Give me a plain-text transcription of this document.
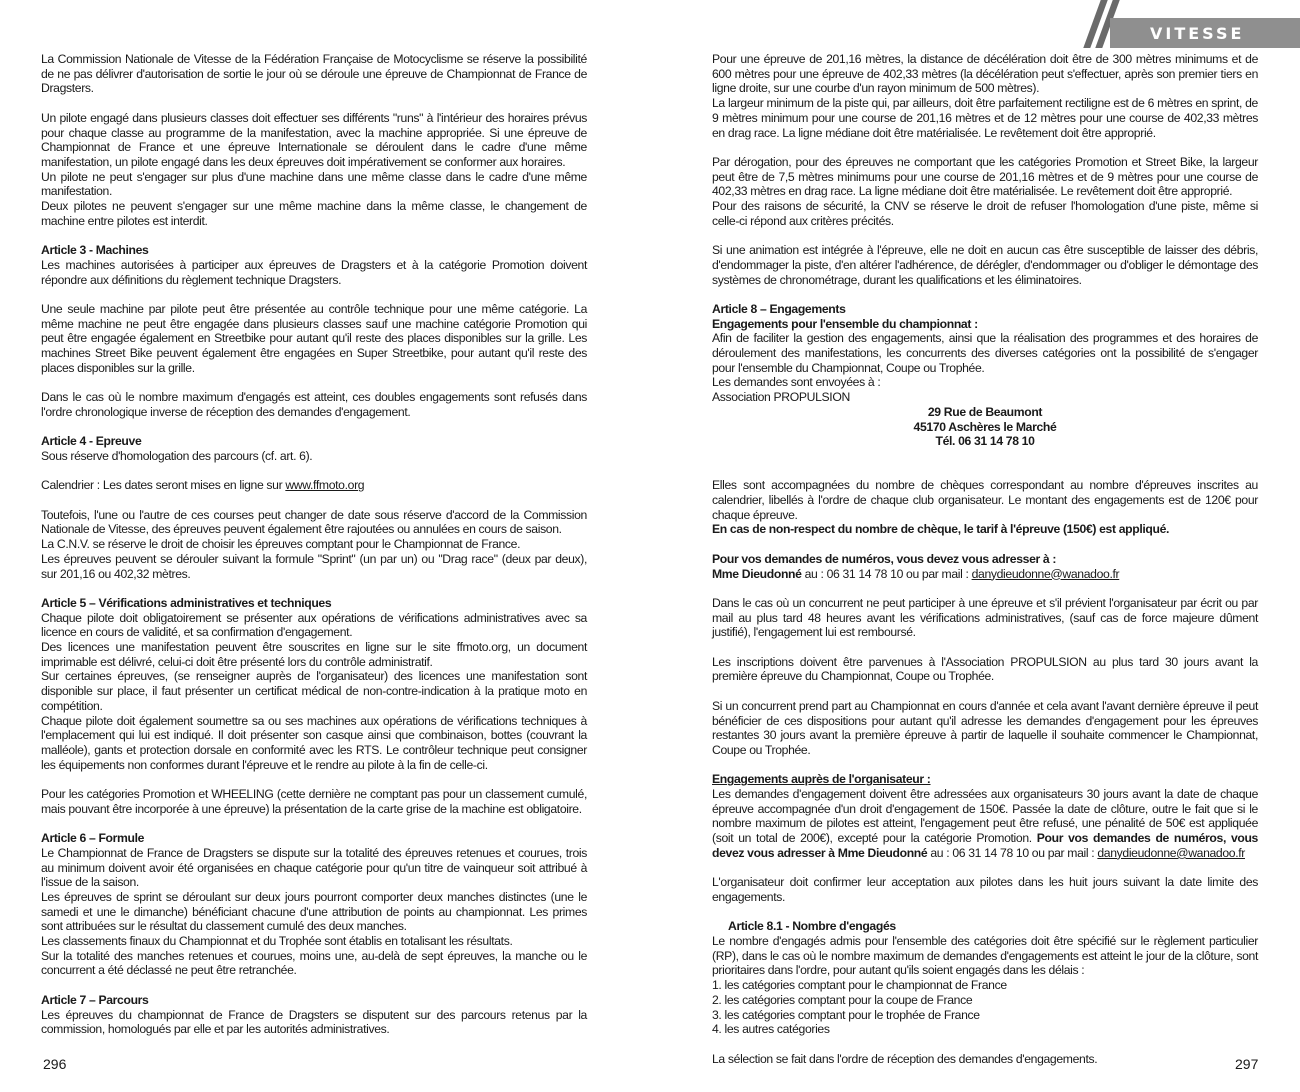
VITESSE

La Commission Nationale de Vitesse de la Fédération Française de Motocyclisme se réserve la possibilité de ne pas délivrer d'autorisation de sortie le jour où se déroule une épreuve de Championnat de France de Dragsters.

Un pilote engagé dans plusieurs classes doit effectuer ses différents "runs" à l'intérieur des horaires prévus pour chaque classe au programme de la manifestation, avec la machine appropriée. Si une épreuve de Championnat de France et une épreuve Internationale se déroulent dans le cadre d'une même manifestation, un pilote engagé dans les deux épreuves doit impérativement se conformer aux horaires.

Un pilote ne peut s'engager sur plus d'une machine dans une même classe dans le cadre d'une même manifestation.

Deux pilotes ne peuvent s'engager sur une même machine dans la même classe, le changement de machine entre pilotes est interdit.

Article 3 - Machines

Les machines autorisées à participer aux épreuves de Dragsters et à la catégorie Promotion doivent répondre aux définitions du règlement technique Dragsters.

Une seule machine par pilote peut être présentée au contrôle technique pour une même catégorie. La même machine ne peut être engagée dans plusieurs classes sauf une machine catégorie Promotion qui peut être engagée également en Streetbike pour autant qu'il reste des places disponibles sur la grille. Les machines Street Bike peuvent également être engagées en Super Streetbike, pour autant qu'il reste des places disponibles sur la grille.

Dans le cas où le nombre maximum d'engagés est atteint, ces doubles engagements sont refusés dans l'ordre chronologique inverse de réception des demandes d'engagement.

Article 4 - Epreuve

Sous réserve d'homologation des parcours (cf. art. 6).

Calendrier : Les dates seront mises en ligne sur www.ffmoto.org

Toutefois, l'une ou l'autre de ces courses peut changer de date sous réserve d'accord de la Commission Nationale de Vitesse, des épreuves peuvent également être rajoutées ou annulées en cours de saison.

La C.N.V. se réserve le droit de choisir les épreuves comptant pour le Championnat de France.

Les épreuves peuvent se dérouler suivant la formule "Sprint" (un par un) ou "Drag race" (deux par deux), sur 201,16 ou 402,32 mètres.

Article 5 – Vérifications administratives et techniques

Chaque pilote doit obligatoirement se présenter aux opérations de vérifications administratives avec sa licence en cours de validité, et sa confirmation d'engagement.

Des licences une manifestation peuvent être souscrites en ligne sur le site ffmoto.org, un document imprimable est délivré, celui-ci doit être présenté lors du contrôle administratif.

Sur certaines épreuves, (se renseigner auprès de l'organisateur) des licences une manifestation sont disponible sur place, il faut présenter un certificat médical de non-contre-indication à la pratique moto en compétition.

Chaque pilote doit également soumettre sa ou ses machines aux opérations de vérifications techniques à l'emplacement qui lui est indiqué. Il doit présenter son casque ainsi que combinaison, bottes (couvrant la malléole), gants et protection dorsale en conformité avec les RTS. Le contrôleur technique peut consigner les équipements non conformes durant l'épreuve et le rendre au pilote à la fin de celle-ci.

Pour les catégories Promotion et WHEELING (cette dernière ne comptant pas pour un classement cumulé, mais pouvant être incorporée à une épreuve) la présentation de la carte grise de la machine est obligatoire.

Article 6 – Formule

Le Championnat de France de Dragsters se dispute sur la totalité des épreuves retenues et courues, trois au minimum doivent avoir été organisées en chaque catégorie pour qu'un titre de vainqueur soit attribué à l'issue de la saison.

Les épreuves de sprint se déroulant sur deux jours pourront comporter deux manches distinctes (une le samedi et une le dimanche) bénéficiant chacune d'une attribution de points au championnat. Les primes sont attribuées sur le résultat du classement cumulé des deux manches.

Les classements finaux du Championnat et du Trophée sont établis en totalisant les résultats.

Sur la totalité des manches retenues et courues, moins une, au-delà de sept épreuves, la manche ou le concurrent a été déclassé ne peut être retranchée.

Article 7 – Parcours

Les épreuves du championnat de France de Dragsters se disputent sur des parcours retenus par la commission, homologués par elle et par les autorités administratives.

Pour une épreuve de 201,16 mètres, la distance de décélération doit être de 300 mètres minimums et de 600 mètres pour une épreuve de 402,33 mètres (la décélération peut s'effectuer, après son premier tiers en ligne droite, sur une courbe d'un rayon minimum de 500 mètres).

La largeur minimum de la piste qui, par ailleurs, doit être parfaitement rectiligne est de 6 mètres en sprint, de 9 mètres minimum pour une course de 201,16 mètres et de 12 mètres pour une course de 402,33 mètres en drag race. La ligne médiane doit être matérialisée. Le revêtement doit être approprié.

Par dérogation, pour des épreuves ne comportant que les catégories Promotion et Street Bike, la largeur peut être de 7,5 mètres minimums pour une course de 201,16 mètres et de 9 mètres pour une course de 402,33 mètres en drag race. La ligne médiane doit être matérialisée. Le revêtement doit être approprié.

Pour des raisons de sécurité, la CNV se réserve le droit de refuser l'homologation d'une piste, même si celle-ci répond aux critères précités.

Si une animation est intégrée à l'épreuve, elle ne doit en aucun cas être susceptible de laisser des débris, d'endommager la piste, d'en altérer l'adhérence, de dérégler, d'endommager ou d'obliger le démontage des systèmes de chronométrage, durant les qualifications et les éliminatoires.

Article 8 – Engagements

Engagements pour l'ensemble du championnat :

Afin de faciliter la gestion des engagements, ainsi que la réalisation des programmes et des horaires de déroulement des manifestations, les concurrents des diverses catégories ont la possibilité de s'engager pour l'ensemble du Championnat, Coupe ou Trophée.

Les demandes sont envoyées à :

Association PROPULSION

29 Rue de Beaumont

45170 Aschères le Marché

Tél. 06 31 14 78 10

Elles sont accompagnées du nombre de chèques correspondant au nombre d'épreuves inscrites au calendrier, libellés à l'ordre de chaque club organisateur. Le montant des engagements est de 120€ pour chaque épreuve.

En cas de non-respect du nombre de chèque, le tarif à l'épreuve (150€) est appliqué.

Pour vos demandes de numéros, vous devez vous adresser à :

Mme Dieudonné au : 06 31 14 78 10 ou par mail : danydieudonne@wanadoo.fr

Dans le cas où un concurrent ne peut participer à une épreuve et s'il prévient l'organisateur par écrit ou par mail au plus tard 48 heures avant les vérifications administratives, (sauf cas de force majeure dûment justifié), l'engagement lui est remboursé.

Les inscriptions doivent être parvenues à l'Association PROPULSION au plus tard 30 jours avant la première épreuve du Championnat, Coupe ou Trophée.

Si un concurrent prend part au Championnat en cours d'année et cela avant l'avant dernière épreuve il peut bénéficier de ces dispositions pour autant qu'il adresse les demandes d'engagement pour les épreuves restantes 30 jours avant la première épreuve à partir de laquelle il souhaite commencer le Championnat, Coupe ou Trophée.

Engagements auprès de l'organisateur :

Les demandes d'engagement doivent être adressées aux organisateurs 30 jours avant la date de chaque épreuve accompagnée d'un droit d'engagement de 150€. Passée la date de clôture, outre le fait que si le nombre maximum de pilotes est atteint, l'engagement peut être refusé, une pénalité de 50€ est appliquée (soit un total de 200€), excepté pour la catégorie Promotion. Pour vos demandes de numéros, vous devez vous adresser à Mme Dieudonné au : 06 31 14 78 10 ou par mail : danydieudonne@wanadoo.fr

L'organisateur doit confirmer leur acceptation aux pilotes dans les huit jours suivant la date limite des engagements.

Article 8.1 - Nombre d'engagés

Le nombre d'engagés admis pour l'ensemble des catégories doit être spécifié sur le règlement particulier (RP), dans le cas où le nombre maximum de demandes d'engagements est atteint le jour de la clôture, sont prioritaires dans l'ordre, pour autant qu'ils soient engagés dans les délais :

1. les catégories comptant pour le championnat de France

2. les catégories comptant pour la coupe de France

3. les catégories comptant pour le trophée de France

4. les autres catégories

La sélection se fait dans l'ordre de réception des demandes d'engagements.

296	297
